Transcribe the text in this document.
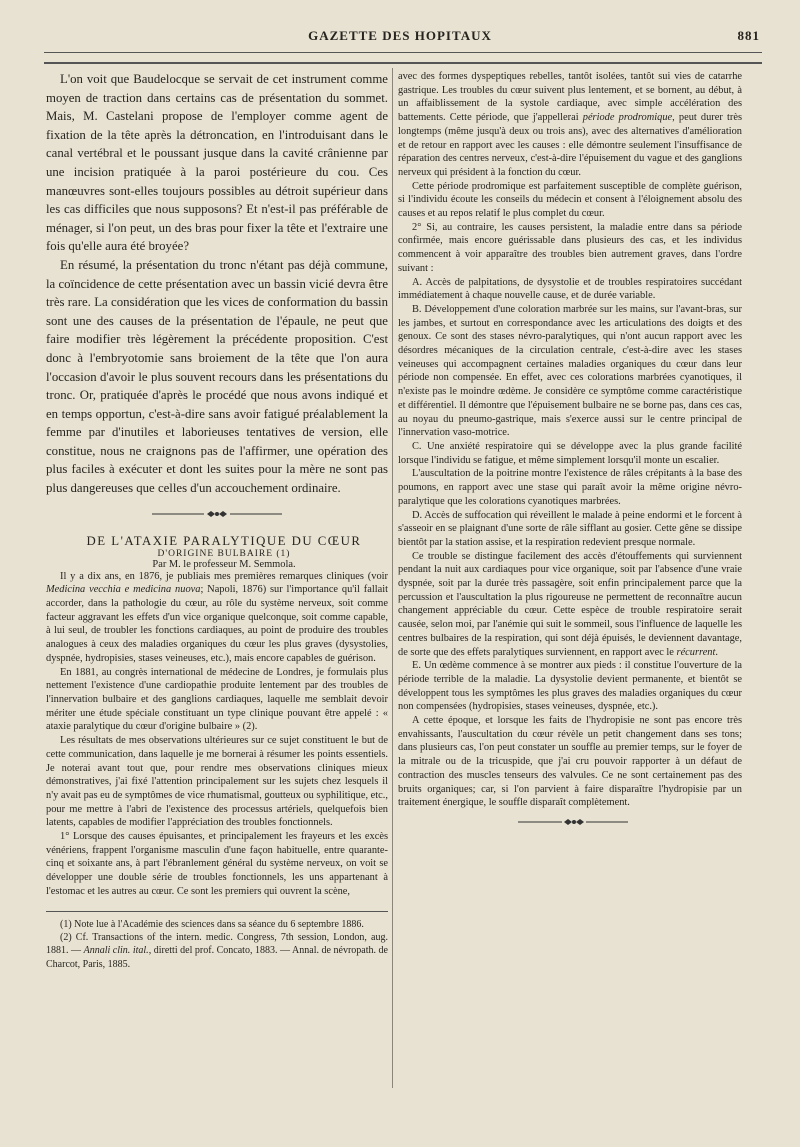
GAZETTE DES HOPITAUX	881

L'on voit que Baudelocque se servait de cet instrument comme moyen de traction dans certains cas de présentation du sommet. Mais, M. Castelani propose de l'employer comme agent de fixation de la tête après la détroncation, en l'introduisant dans le canal vertébral et le poussant jusque dans la cavité crânienne par une incision pratiquée à la paroi postérieure du cou. Ces manœuvres sont-elles toujours possibles au détroit supérieur dans les cas difficiles que nous supposons? Et n'est-il pas préférable de ménager, si l'on peut, un des bras pour fixer la tête et l'extraire une fois qu'elle aura été broyée?

En résumé, la présentation du tronc n'étant pas déjà commune, la coïncidence de cette présentation avec un bassin vicié devra être très rare. La considération que les vices de conformation du bassin sont une des causes de la présentation de l'épaule, ne peut que faire modifier très légèrement la précédente proposition. C'est donc à l'embryotomie sans broiement de la tête que l'on aura l'occasion d'avoir le plus souvent recours dans les présentations du tronc. Or, pratiquée d'après le procédé que nous avons indiqué et en temps opportun, c'est-à-dire sans avoir fatigué préalablement la femme par d'inutiles et laborieuses tentatives de version, elle constitue, nous ne craignons pas de l'affirmer, une opération des plus faciles à exécuter et dont les suites pour la mère ne sont pas plus dangereuses que celles d'un accouchement ordinaire.

DE L'ATAXIE PARALYTIQUE DU CŒUR

D'ORIGINE BULBAIRE (1)

Par M. le professeur M. Semmola.

Il y a dix ans, en 1876, je publiais mes premières remarques cliniques (voir Medicina vecchia e medicina nuova; Napoli, 1876) sur l'importance qu'il fallait accorder, dans la pathologie du cœur, au rôle du système nerveux, soit comme facteur aggravant les effets d'un vice organique quelconque, soit comme capable, à lui seul, de troubler les fonctions cardiaques, au point de produire des troubles analogues à ceux des maladies organiques du cœur les plus graves (dysystolies, dyspnée, hydropisies, stases veineuses, etc.), mais encore capables de guérison.

En 1881, au congrès international de médecine de Londres, je formulais plus nettement l'existence d'une cardiopathie produite lentement par des troubles de l'innervation bulbaire et des ganglions cardiaques, laquelle me semblait devoir mériter une étude spéciale constituant un type clinique pouvant être appelé : « ataxie paralytique du cœur d'origine bulbaire » (2).

Les résultats de mes observations ultérieures sur ce sujet constituent le but de cette communication, dans laquelle je me bornerai à résumer les points essentiels. Je noterai avant tout que, pour rendre mes observations cliniques mieux démonstratives, j'ai fixé l'attention principalement sur les sujets chez lesquels il n'y avait pas eu de symptômes de vice rhumatismal, goutteux ou syphilitique, etc., pour me mettre à l'abri de l'existence des processus artériels, quelquefois bien latents, capables de modifier l'appréciation des troubles fonctionnels.

1° Lorsque des causes épuisantes, et principalement les frayeurs et les excès vénériens, frappent l'organisme masculin d'une façon habituelle, entre quarante-cinq et soixante ans, à part l'ébranlement général du système nerveux, on voit se développer une double série de troubles fonctionnels, les uns appartenant à l'estomac et les autres au cœur. Ce sont les premiers qui ouvrent la scène,

(1) Note lue à l'Académie des sciences dans sa séance du 6 septembre 1886.

(2) Cf. Transactions of the intern. medic. Congress, 7th session, London, aug. 1881. — Annali clin. ital., diretti del prof. Concato, 1883. — Annal. de névropath. de Charcot, Paris, 1885.

avec des formes dyspeptiques rebelles, tantôt isolées, tantôt sui vies de catarrhe gastrique. Les troubles du cœur suivent plus lentement, et se bornent, au début, à un affaiblissement de la systole cardiaque, avec simple accélération des battements. Cette période, que j'appellerai période prodromique, peut durer très longtemps (même jusqu'à deux ou trois ans), avec des alternatives d'amélioration et de retour en rapport avec les causes : elle démontre seulement l'insuffisance de réparation des centres nerveux, c'est-à-dire l'épuisement du vague et des ganglions nerveux qui président à la fonction du cœur.

Cette période prodromique est parfaitement susceptible de complète guérison, si l'individu écoute les conseils du médecin et consent à l'éloignement absolu des causes et au repos relatif le plus complet du cœur.

2° Si, au contraire, les causes persistent, la maladie entre dans sa période confirmée, mais encore guérissable dans plusieurs des cas, et les individus commencent à voir apparaître des troubles bien autrement graves, dans l'ordre suivant :

A. Accès de palpitations, de dysystolie et de troubles respiratoires succédant immédiatement à chaque nouvelle cause, et de durée variable.

B. Développement d'une coloration marbrée sur les mains, sur l'avant-bras, sur les jambes, et surtout en correspondance avec les articulations des doigts et des genoux. Ce sont des stases névro-paralytiques, qui n'ont aucun rapport avec les désordres mécaniques de la circulation centrale, c'est-à-dire avec les stases veineuses qui accompagnent certaines maladies organiques du cœur dans leur période non compensée. En effet, avec ces colorations marbrées cyanotiques, il n'existe pas le moindre œdème. Je considère ce symptôme comme caractéristique et différentiel. Il démontre que l'épuisement bulbaire ne se borne pas, dans ces cas, au noyau du pneumo-gastrique, mais s'exerce aussi sur le centre principal de l'innervation vaso-motrice.

C. Une anxiété respiratoire qui se développe avec la plus grande facilité lorsque l'individu se fatigue, et même simplement lorsqu'il monte un escalier.

L'auscultation de la poitrine montre l'existence de râles crépitants à la base des poumons, en rapport avec une stase qui paraît avoir la même origine névro-paralytique que les colorations cyanotiques marbrées.

D. Accès de suffocation qui réveillent le malade à peine endormi et le forcent à s'asseoir en se plaignant d'une sorte de râle sifflant au gosier. Cette gêne se dissipe bientôt par la station assise, et la respiration redevient presque normale.

Ce trouble se distingue facilement des accès d'étouffements qui surviennent pendant la nuit aux cardiaques pour vice organique, soit par l'absence d'une vraie dyspnée, soit par la durée très passagère, soit enfin principalement parce que la percussion et l'auscultation la plus rigoureuse ne permettent de reconnaître aucun changement appréciable du cœur. Cette espèce de trouble respiratoire serait causée, selon moi, par l'anémie qui suit le sommeil, sous l'influence de laquelle les centres bulbaires de la respiration, qui sont déjà épuisés, le deviennent davantage, de sorte que des effets paralytiques surviennent, en rapport avec le récurrent.

E. Un œdème commence à se montrer aux pieds : il constitue l'ouverture de la période terrible de la maladie. La dysystolie devient permanente, et bientôt se développent tous les symptômes les plus graves des maladies organiques du cœur non compensées (hydropisies, stases veineuses, dyspnée, etc.).

A cette époque, et lorsque les faits de l'hydropisie ne sont pas encore très envahissants, l'auscultation du cœur révèle un petit changement dans ses tons; dans plusieurs cas, l'on peut constater un souffle au premier temps, sur le foyer de la mitrale ou de la tricuspide, que j'ai cru pouvoir rapporter à un défaut de contraction des muscles tenseurs des valvules. Ce ne sont certainement pas des bruits organiques; car, si l'on parvient à faire disparaître l'hydropisie par un traitement énergique, le souffle disparaît complètement.
